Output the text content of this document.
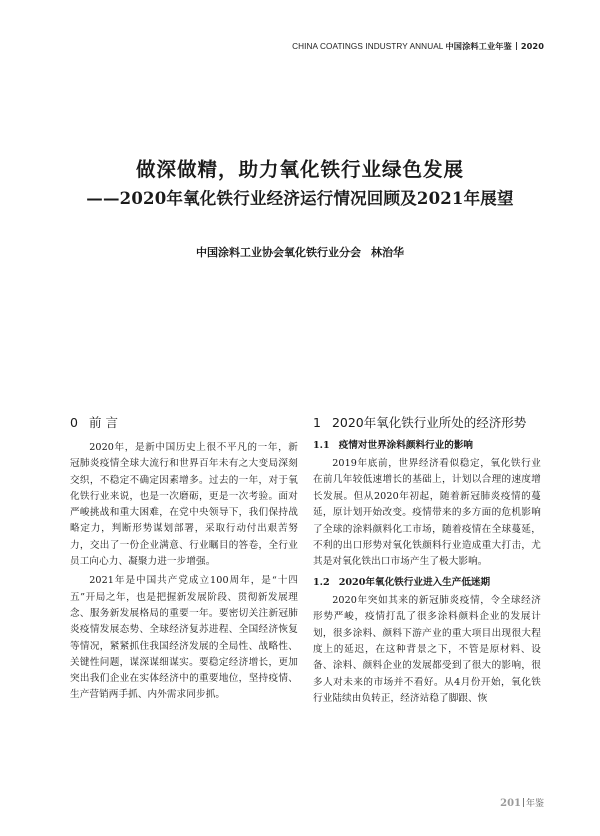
CHINA COATINGS INDUSTRY ANNUAL 中国涂料工业年鉴 2020
做深做精，助力氧化铁行业绿色发展
——2020年氧化铁行业经济运行情况回顾及2021年展望
中国涂料工业协会氧化铁行业分会 林治华
0 前言

2020年，是新中国历史上很不平凡的一年，新冠肺炎疫情全球大流行和世界百年未有之大变局深刻交织，不稳定不确定因素增多。过去的一年，对于氧化铁行业来说，也是一次磨砺，更是一次考验。面对严峻挑战和重大困难，在党中央领导下，我们保持战略定力，判断形势谋划部署，采取行动付出艰苦努力，交出了一份企业满意、行业瞩目的答卷，全行业员工向心力、凝聚力进一步增强。

2021年是中国共产党成立100周年，是“十四五”开局之年，也是把握新发展阶段、贯彻新发展理念、服务新发展格局的重要一年。要密切关注新冠肺炎疫情发展态势、全球经济复苏进程、全国经济恢复等情况，紧紧抓住我国经济发展的全局性、战略性、关键性问题，谋深谋细谋实。要稳定经济增长，更加突出我们企业在实体经济中的重要地位，坚持疫情、生产营销两手抓、内外需求同步抓。

1 2020年氧化铁行业所处的经济形势
1.1 疫情对世界涂料颜料行业的影响

2019年底前，世界经济看似稳定，氧化铁行业在前几年较低速增长的基础上，计划以合理的速度增长发展。但从2020年初起，随着新冠肺炎疫情的蔓延，原计划开始改变。疫情带来的多方面的危机影响了全球的涂料颜料化工市场，随着疫情在全球蔓延，不利的出口形势对氧化铁颜料行业造成重大打击，尤其是对氧化铁出口市场产生了极大影响。

1.2 2020年氧化铁行业进入生产低迷期

2020年突如其来的新冠肺炎疫情，令全球经济形势严峻，疫情打乱了很多涂料颜料企业的发展计划，很多涂料、颜料下游产业的重大项目出现很大程度上的延迟，在这种背景之下，不管是原材料、设备、涂料、颜料企业的发展都受到了很大的影响，很多人对未来的市场并不看好。从4月份开始，氧化铁行业陆续由负转正，经济站稳了脚跟、恢

201 年鉴
